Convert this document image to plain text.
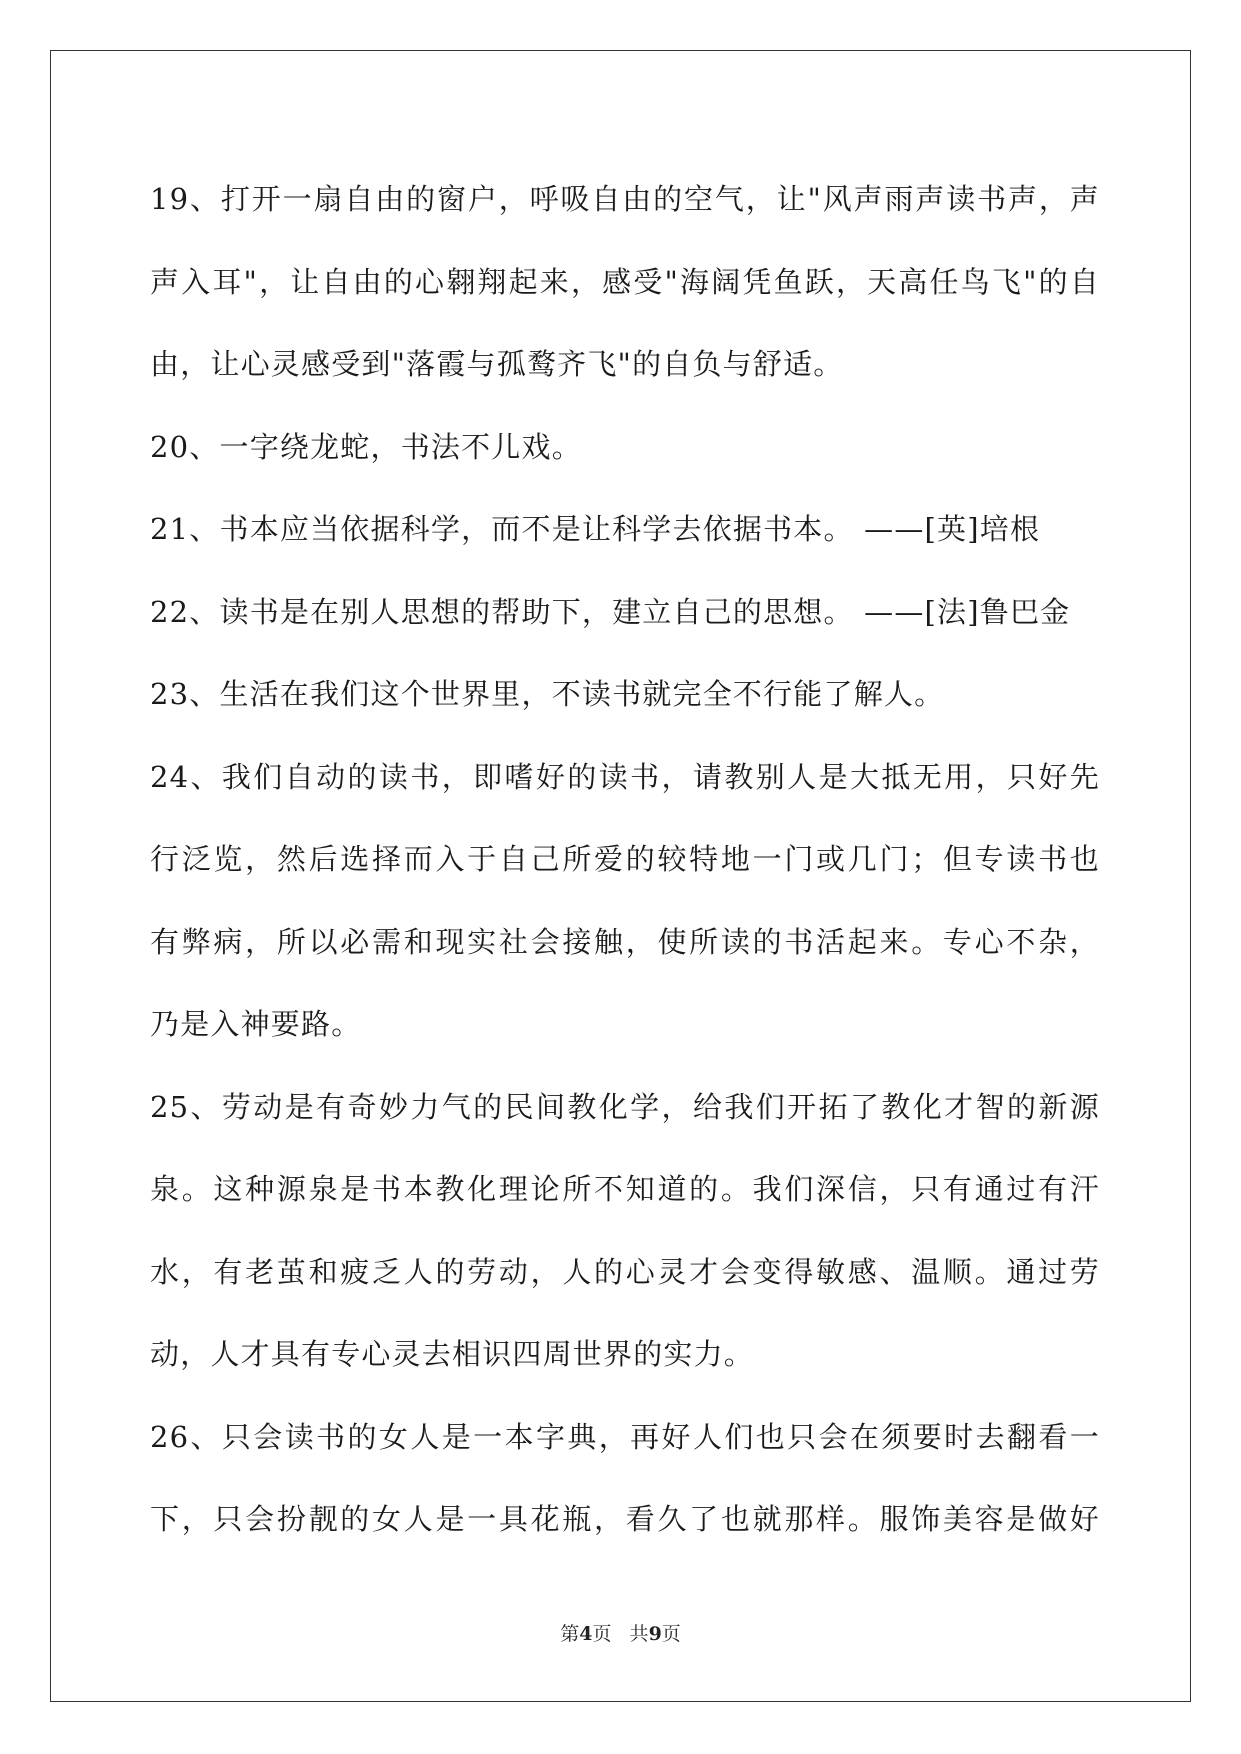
19、打开一扇自由的窗户，呼吸自由的空气，让"风声雨声读书声，声
声入耳"，让自由的心翱翔起来，感受"海阔凭鱼跃，天高任鸟飞"的自
由，让心灵感受到"落霞与孤鹜齐飞"的自负与舒适。
20、一字绕龙蛇，书法不儿戏。
21、书本应当依据科学，而不是让科学去依据书本。 ——[英]培根
22、读书是在别人思想的帮助下，建立自己的思想。 ——[法]鲁巴金
23、生活在我们这个世界里，不读书就完全不行能了解人。
24、我们自动的读书，即嗜好的读书，请教别人是大抵无用，只好先
行泛览，然后选择而入于自己所爱的较特地一门或几门；但专读书也
有弊病，所以必需和现实社会接触，使所读的书活起来。专心不杂，
乃是入神要路。
25、劳动是有奇妙力气的民间教化学，给我们开拓了教化才智的新源
泉。这种源泉是书本教化理论所不知道的。我们深信，只有通过有汗
水，有老茧和疲乏人的劳动，人的心灵才会变得敏感、温顺。通过劳
动，人才具有专心灵去相识四周世界的实力。
26、只会读书的女人是一本字典，再好人们也只会在须要时去翻看一
下，只会扮靓的女人是一具花瓶，看久了也就那样。服饰美容是做好
第4页   共9页
